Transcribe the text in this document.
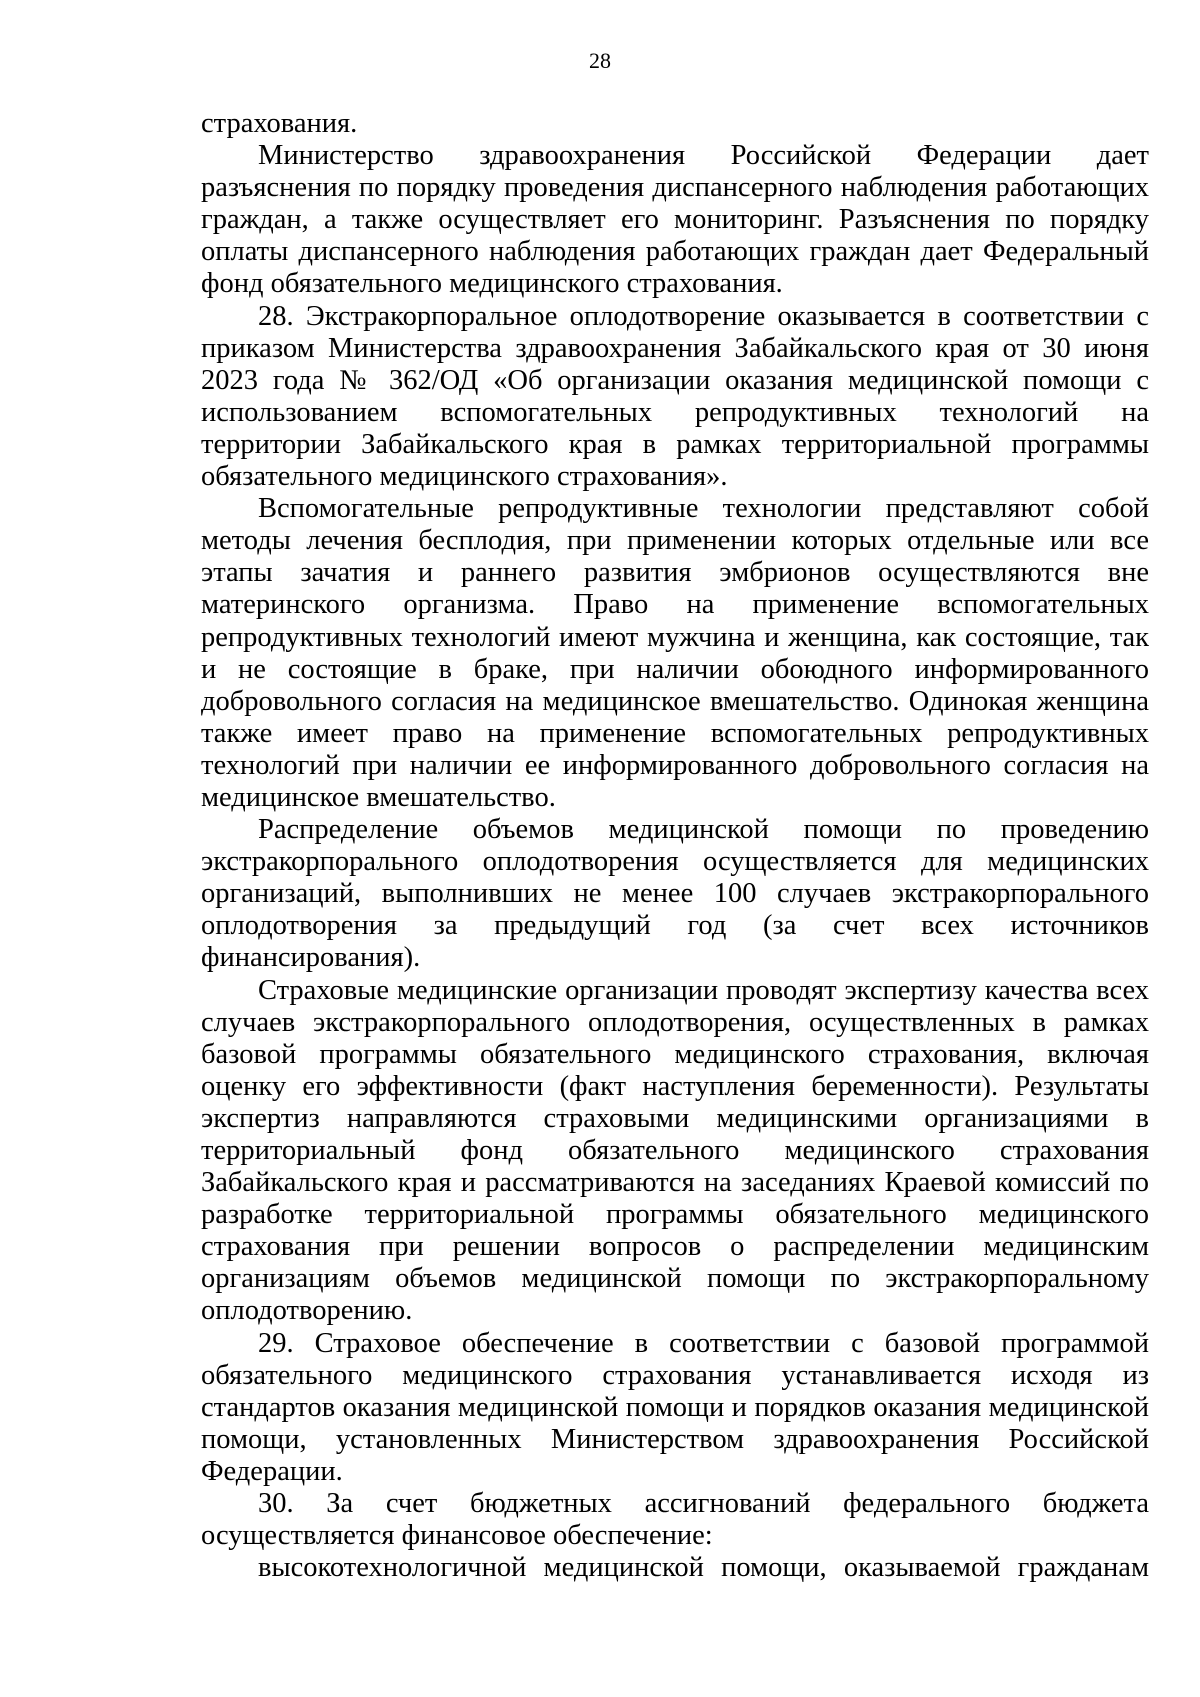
28

страхования.

Министерство здравоохранения Российской Федерации дает разъяснения по порядку проведения диспансерного наблюдения работающих граждан, а также осуществляет его мониторинг. Разъяснения по порядку оплаты диспансерного наблюдения работающих граждан дает Федеральный фонд обязательного медицинского страхования.

28. Экстракорпоральное оплодотворение оказывается в соответствии с приказом Министерства здравоохранения Забайкальского края от 30 июня 2023 года № 362/ОД «Об организации оказания медицинской помощи с использованием вспомогательных репродуктивных технологий на территории Забайкальского края в рамках территориальной программы обязательного медицинского страхования».

Вспомогательные репродуктивные технологии представляют собой методы лечения бесплодия, при применении которых отдельные или все этапы зачатия и раннего развития эмбрионов осуществляются вне материнского организма. Право на применение вспомогательных репродуктивных технологий имеют мужчина и женщина, как состоящие, так и не состоящие в браке, при наличии обоюдного информированного добровольного согласия на медицинское вмешательство. Одинокая женщина также имеет право на применение вспомогательных репродуктивных технологий при наличии ее информированного добровольного согласия на медицинское вмешательство.

Распределение объемов медицинской помощи по проведению экстракорпорального оплодотворения осуществляется для медицинских организаций, выполнивших не менее 100 случаев экстракорпорального оплодотворения за предыдущий год (за счет всех источников финансирования).

Страховые медицинские организации проводят экспертизу качества всех случаев экстракорпорального оплодотворения, осуществленных в рамках базовой программы обязательного медицинского страхования, включая оценку его эффективности (факт наступления беременности). Результаты экспертиз направляются страховыми медицинскими организациями в территориальный фонд обязательного медицинского страхования Забайкальского края и рассматриваются на заседаниях Краевой комиссий по разработке территориальной программы обязательного медицинского страхования при решении вопросов о распределении медицинским организациям объемов медицинской помощи по экстракорпоральному оплодотворению.

29. Страховое обеспечение в соответствии с базовой программой обязательного медицинского страхования устанавливается исходя из стандартов оказания медицинской помощи и порядков оказания медицинской помощи, установленных Министерством здравоохранения Российской Федерации.

30. За счет бюджетных ассигнований федерального бюджета осуществляется финансовое обеспечение:

высокотехнологичной медицинской помощи, оказываемой гражданам
